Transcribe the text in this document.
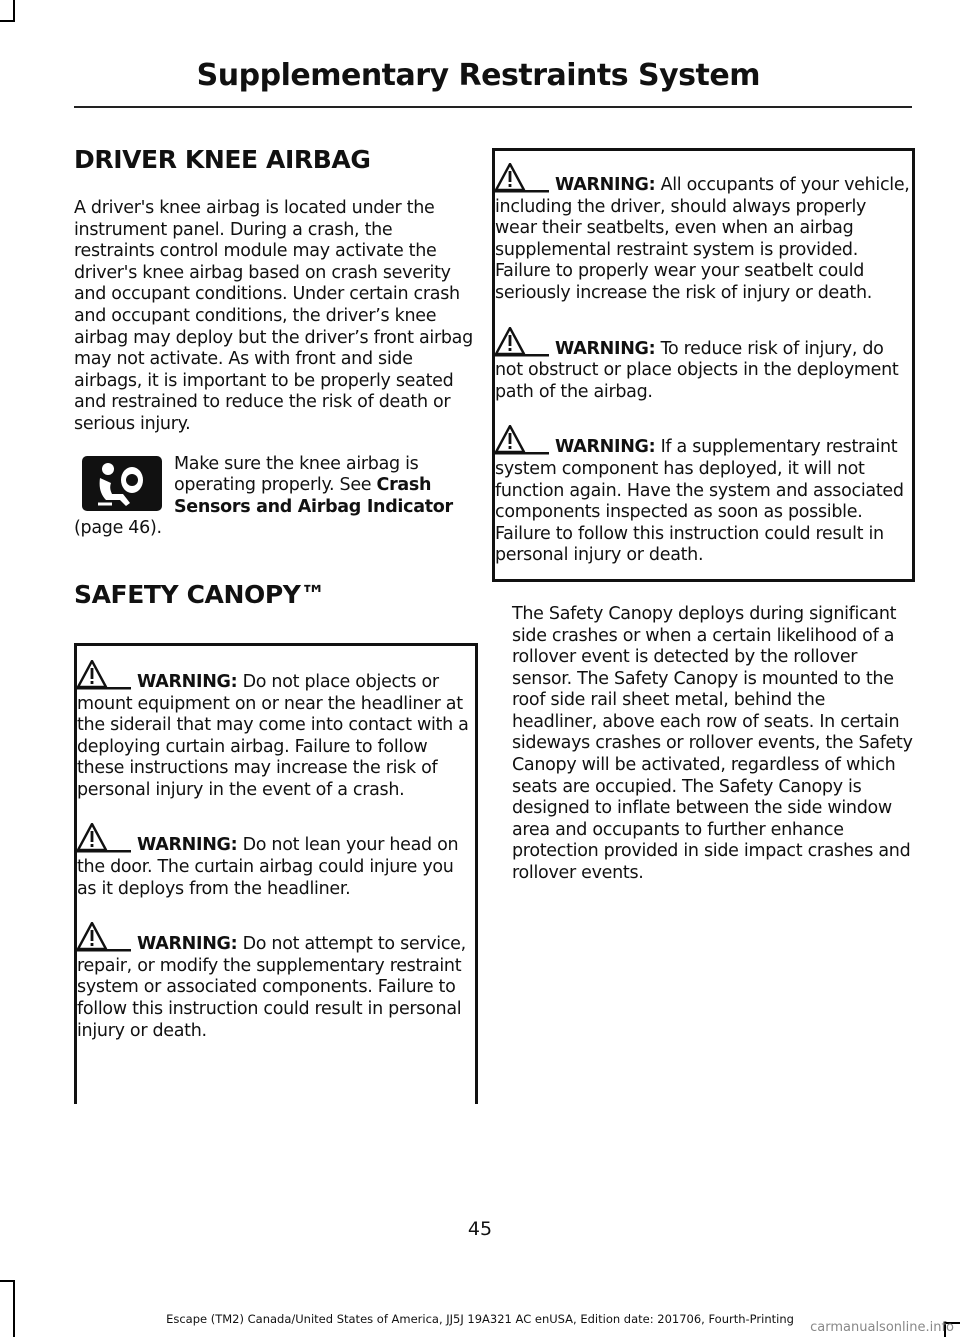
Supplementary Restraints System
DRIVER KNEE AIRBAG

A driver's knee airbag is located under the instrument panel. During a crash, the restraints control module may activate the driver's knee airbag based on crash severity and occupant conditions. Under certain crash and occupant conditions, the driver’s knee airbag may deploy but the driver’s front airbag may not activate. As with front and side airbags, it is important to be properly seated and restrained to reduce the risk of death or serious injury.

Make sure the knee airbag is operating properly. See Crash Sensors and Airbag Indicator

(page 46).

SAFETY CANOPY™

WARNING: Do not place objects or mount equipment on or near the headliner at the siderail that may come into contact with a deploying curtain airbag. Failure to follow these instructions may increase the risk of personal injury in the event of a crash.

WARNING: Do not lean your head on the door. The curtain airbag could injure you as it deploys from the headliner.

WARNING: Do not attempt to service, repair, or modify the supplementary restraint system or associated components. Failure to follow this instruction could result in personal injury or death.

WARNING: All occupants of your vehicle, including the driver, should always properly wear their seatbelts, even when an airbag supplemental restraint system is provided. Failure to properly wear your seatbelt could seriously increase the risk of injury or death.

WARNING: To reduce risk of injury, do not obstruct or place objects in the deployment path of the airbag.

WARNING: If a supplementary restraint system component has deployed, it will not function again. Have the system and associated components inspected as soon as possible. Failure to follow this instruction could result in personal injury or death.

The Safety Canopy deploys during significant side crashes or when a certain likelihood of a rollover event is detected by the rollover sensor. The Safety Canopy is mounted to the roof side rail sheet metal, behind the headliner, above each row of seats. In certain sideways crashes or rollover events, the Safety Canopy will be activated, regardless of which seats are occupied. The Safety Canopy is designed to inflate between the side window area and occupants to further enhance protection provided in side impact crashes and rollover events.

45
Escape (TM2) Canada/United States of America, JJ5J 19A321 AC enUSA, Edition date: 201706, Fourth-Printing
carmanualsonline.info
